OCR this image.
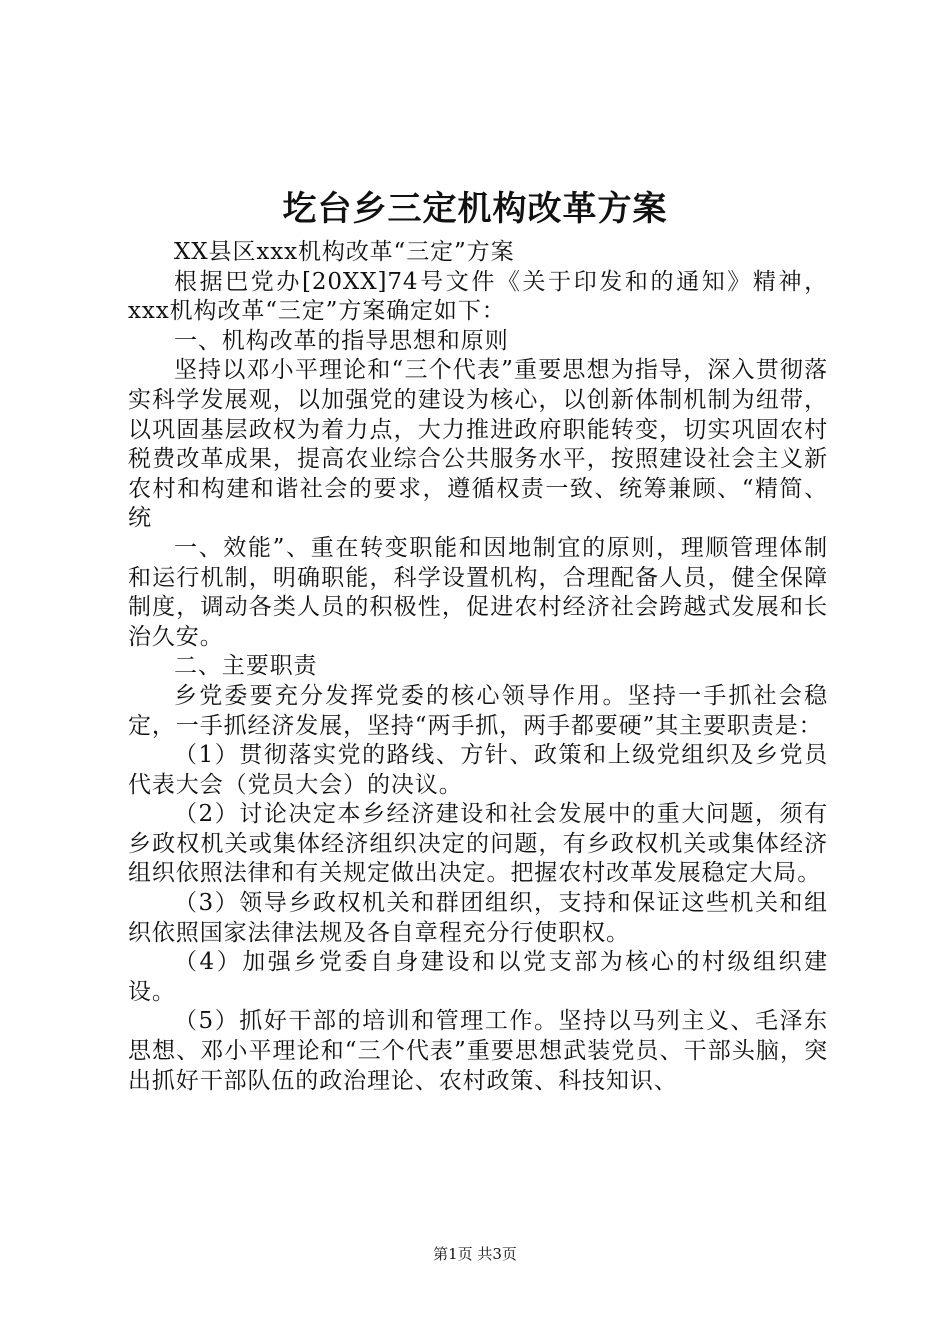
圪台乡三定机构改革方案

XX县区xxx机构改革“三定”方案

根据巴党办[20XX]74号文件《关于印发和的通知》精神，xxx机构改革“三定”方案确定如下：

一、机构改革的指导思想和原则

坚持以邓小平理论和“三个代表”重要思想为指导，深入贯彻落实科学发展观，以加强党的建设为核心，以创新体制机制为纽带，以巩固基层政权为着力点，大力推进政府职能转变，切实巩固农村税费改革成果，提高农业综合公共服务水平，按照建设社会主义新农村和构建和谐社会的要求，遵循权责一致、统筹兼顾、“精简、统

一、效能”、重在转变职能和因地制宜的原则，理顺管理体制和运行机制，明确职能，科学设置机构，合理配备人员，健全保障制度，调动各类人员的积极性，促进农村经济社会跨越式发展和长治久安。

二、主要职责

乡党委要充分发挥党委的核心领导作用。坚持一手抓社会稳定，一手抓经济发展，坚持“两手抓，两手都要硬”其主要职责是：

（1）贯彻落实党的路线、方针、政策和上级党组织及乡党员代表大会（党员大会）的决议。

（2）讨论决定本乡经济建设和社会发展中的重大问题，须有乡政权机关或集体经济组织决定的问题，有乡政权机关或集体经济组织依照法律和有关规定做出决定。把握农村改革发展稳定大局。

（3）领导乡政权机关和群团组织，支持和保证这些机关和组织依照国家法律法规及各自章程充分行使职权。

（4）加强乡党委自身建设和以党支部为核心的村级组织建设。

（5）抓好干部的培训和管理工作。坚持以马列主义、毛泽东思想、邓小平理论和“三个代表”重要思想武装党员、干部头脑，突出抓好干部队伍的政治理论、农村政策、科技知识、

第1页 共3页
